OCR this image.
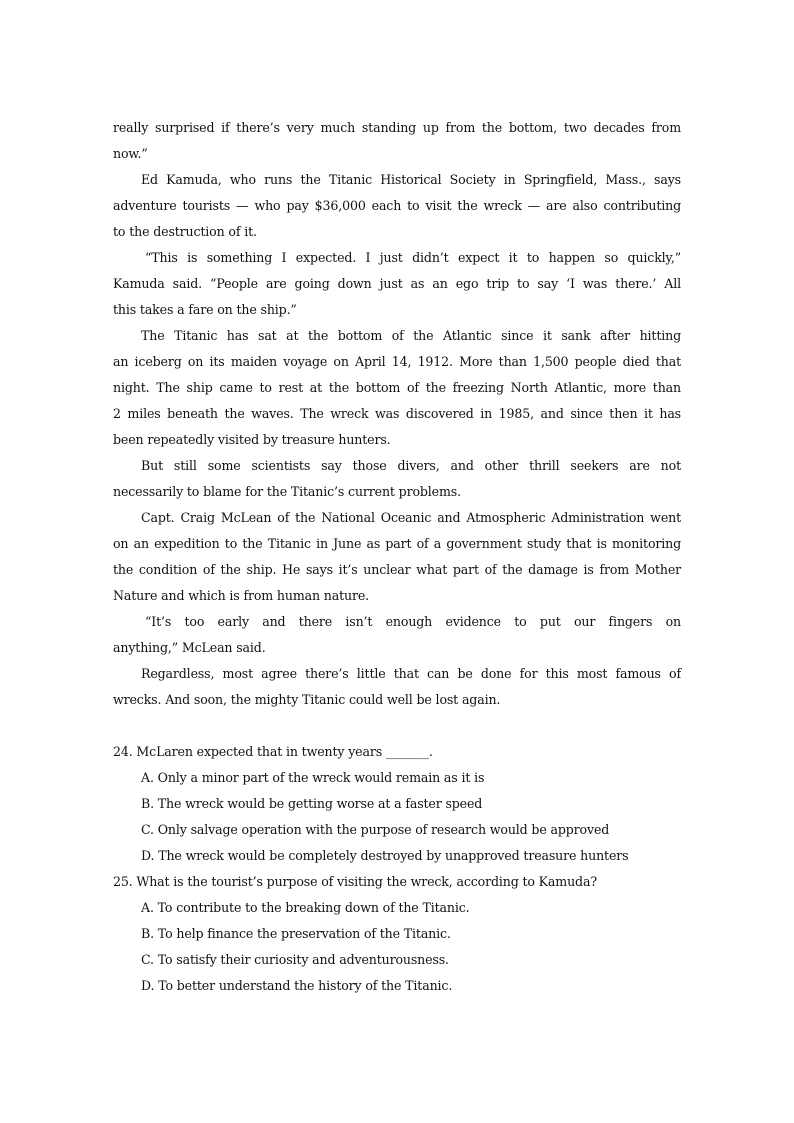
really surprised if there’s very much standing up from the bottom, two decades from
now.”
Ed Kamuda, who runs the Titanic Historical Society in Springfield, Mass., says
adventure tourists — who pay $36,000 each to visit the wreck — are also contributing
to the destruction of it.
“This is something I expected. I just didn’t expect it to happen so quickly,”
Kamuda said. “People are going down just as an ego trip to say ‘I was there.’ All
this takes a fare on the ship.”
The Titanic has sat at the bottom of the Atlantic since it sank after hitting
an iceberg on its maiden voyage on April 14, 1912. More than 1,500 people died that
night. The ship came to rest at the bottom of the freezing North Atlantic, more than
2 miles beneath the waves. The wreck was discovered in 1985, and since then it has
been repeatedly visited by treasure hunters.
But still some scientists say those divers, and other thrill seekers are not
necessarily to blame for the Titanic’s current problems.
Capt. Craig McLean of the National Oceanic and Atmospheric Administration went
on an expedition to the Titanic in June as part of a government study that is monitoring
the condition of the ship. He says it’s unclear what part of the damage is from Mother
Nature and which is from human nature.
“It’s too early and there isn’t enough evidence to put our fingers on
anything,” McLean said.
Regardless, most agree there’s little that can be done for this most famous of
wrecks. And soon, the mighty Titanic could well be lost again.
24. McLaren expected that in twenty years _______.
A. Only a minor part of the wreck would remain as it is
B. The wreck would be getting worse at a faster speed
C. Only salvage operation with the purpose of research would be approved
D. The wreck would be completely destroyed by unapproved treasure hunters
25. What is the tourist’s purpose of visiting the wreck, according to Kamuda?
A. To contribute to the breaking down of the Titanic.
B. To help finance the preservation of the Titanic.
C. To satisfy their curiosity and adventurousness.
D. To better understand the history of the Titanic.
